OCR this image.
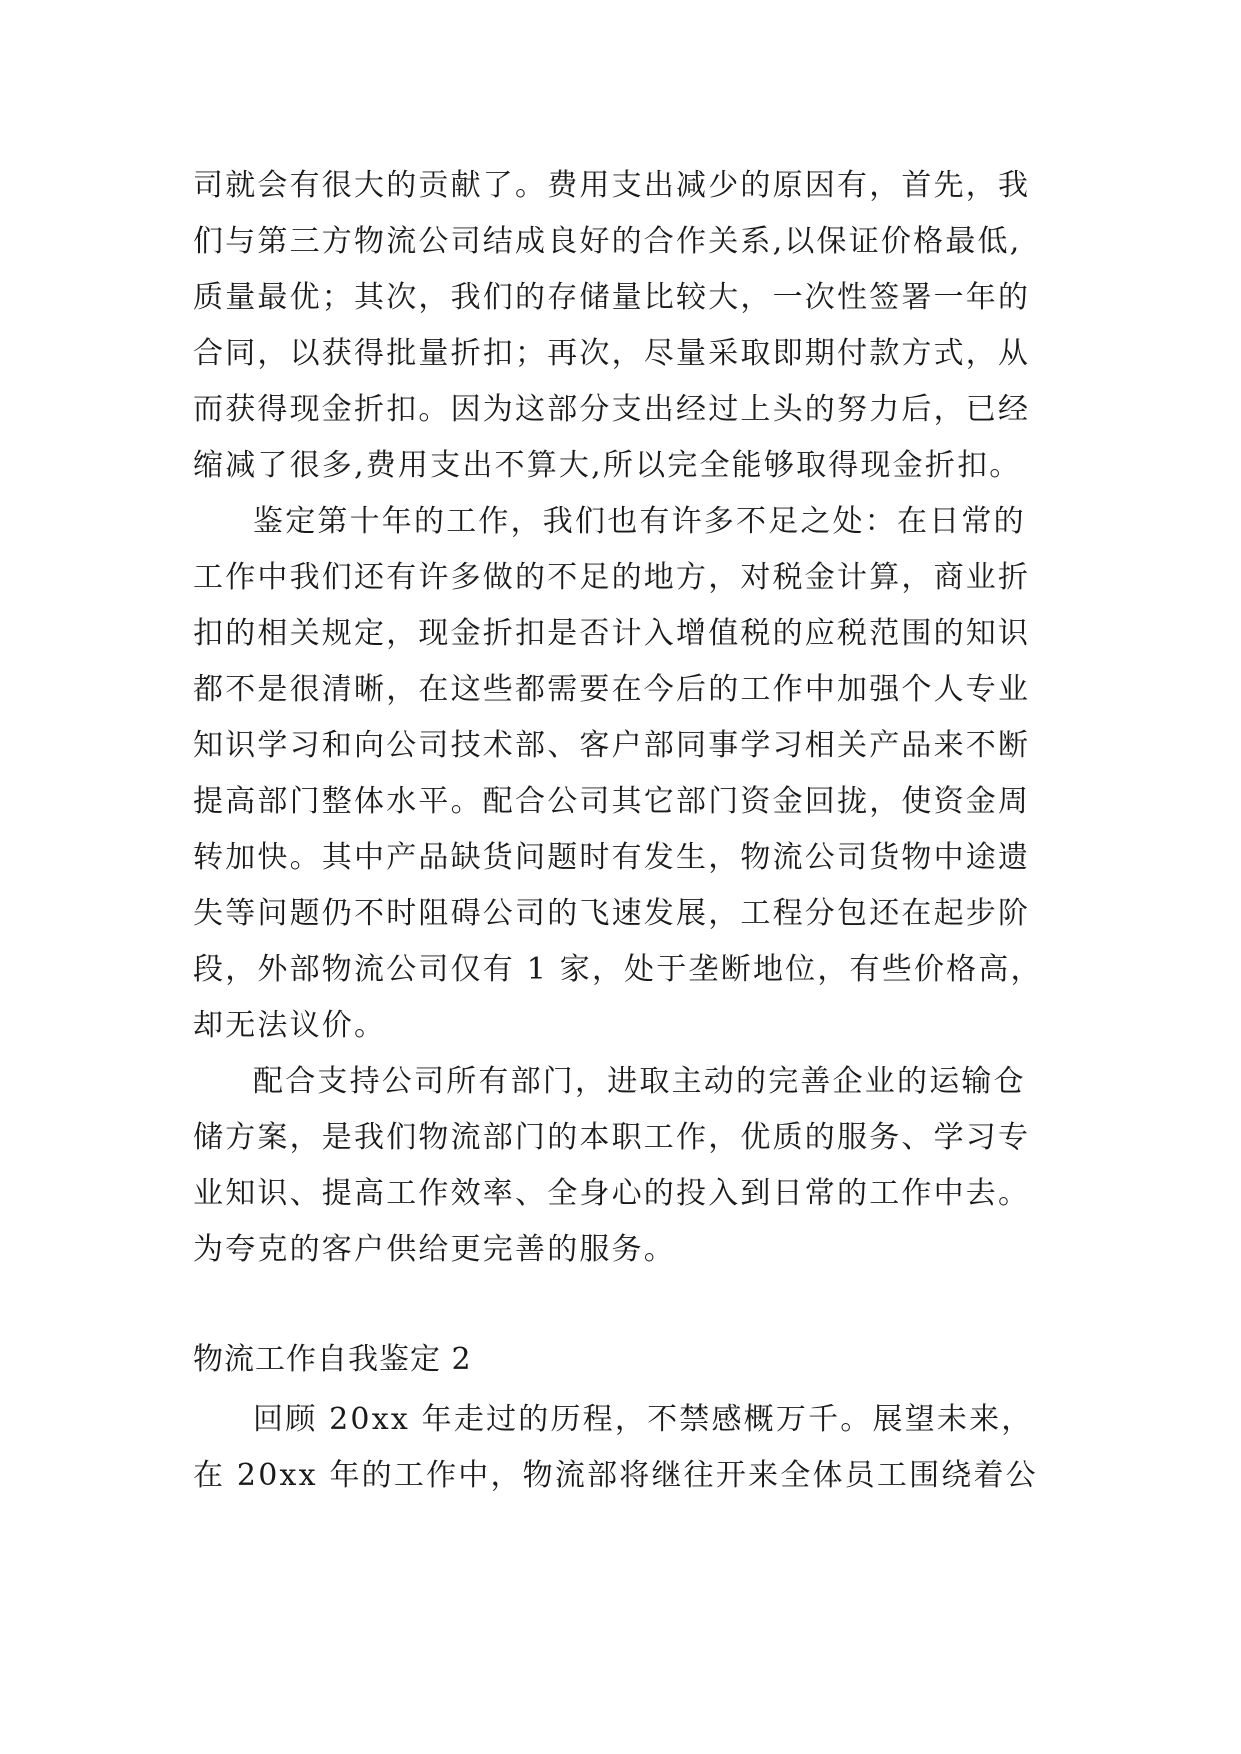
司就会有很大的贡献了。费用支出减少的原因有，首先，我
们与第三方物流公司结成良好的合作关系,以保证价格最低,
质量最优；其次，我们的存储量比较大，一次性签署一年的
合同，以获得批量折扣；再次，尽量采取即期付款方式，从
而获得现金折扣。因为这部分支出经过上头的努力后，已经
缩减了很多,费用支出不算大,所以完全能够取得现金折扣。
鉴定第十年的工作，我们也有许多不足之处：在日常的
工作中我们还有许多做的不足的地方，对税金计算，商业折
扣的相关规定，现金折扣是否计入增值税的应税范围的知识
都不是很清晰，在这些都需要在今后的工作中加强个人专业
知识学习和向公司技术部、客户部同事学习相关产品来不断
提高部门整体水平。配合公司其它部门资金回拢，使资金周
转加快。其中产品缺货问题时有发生，物流公司货物中途遗
失等问题仍不时阻碍公司的飞速发展，工程分包还在起步阶
段，外部物流公司仅有 1 家，处于垄断地位，有些价格高，
却无法议价。
配合支持公司所有部门，进取主动的完善企业的运输仓
储方案，是我们物流部门的本职工作，优质的服务、学习专
业知识、提高工作效率、全身心的投入到日常的工作中去。
为夸克的客户供给更完善的服务。
物流工作自我鉴定 2
回顾 20xx 年走过的历程，不禁感概万千。展望未来，
在 20xx 年的工作中，物流部将继往开来全体员工围绕着公
